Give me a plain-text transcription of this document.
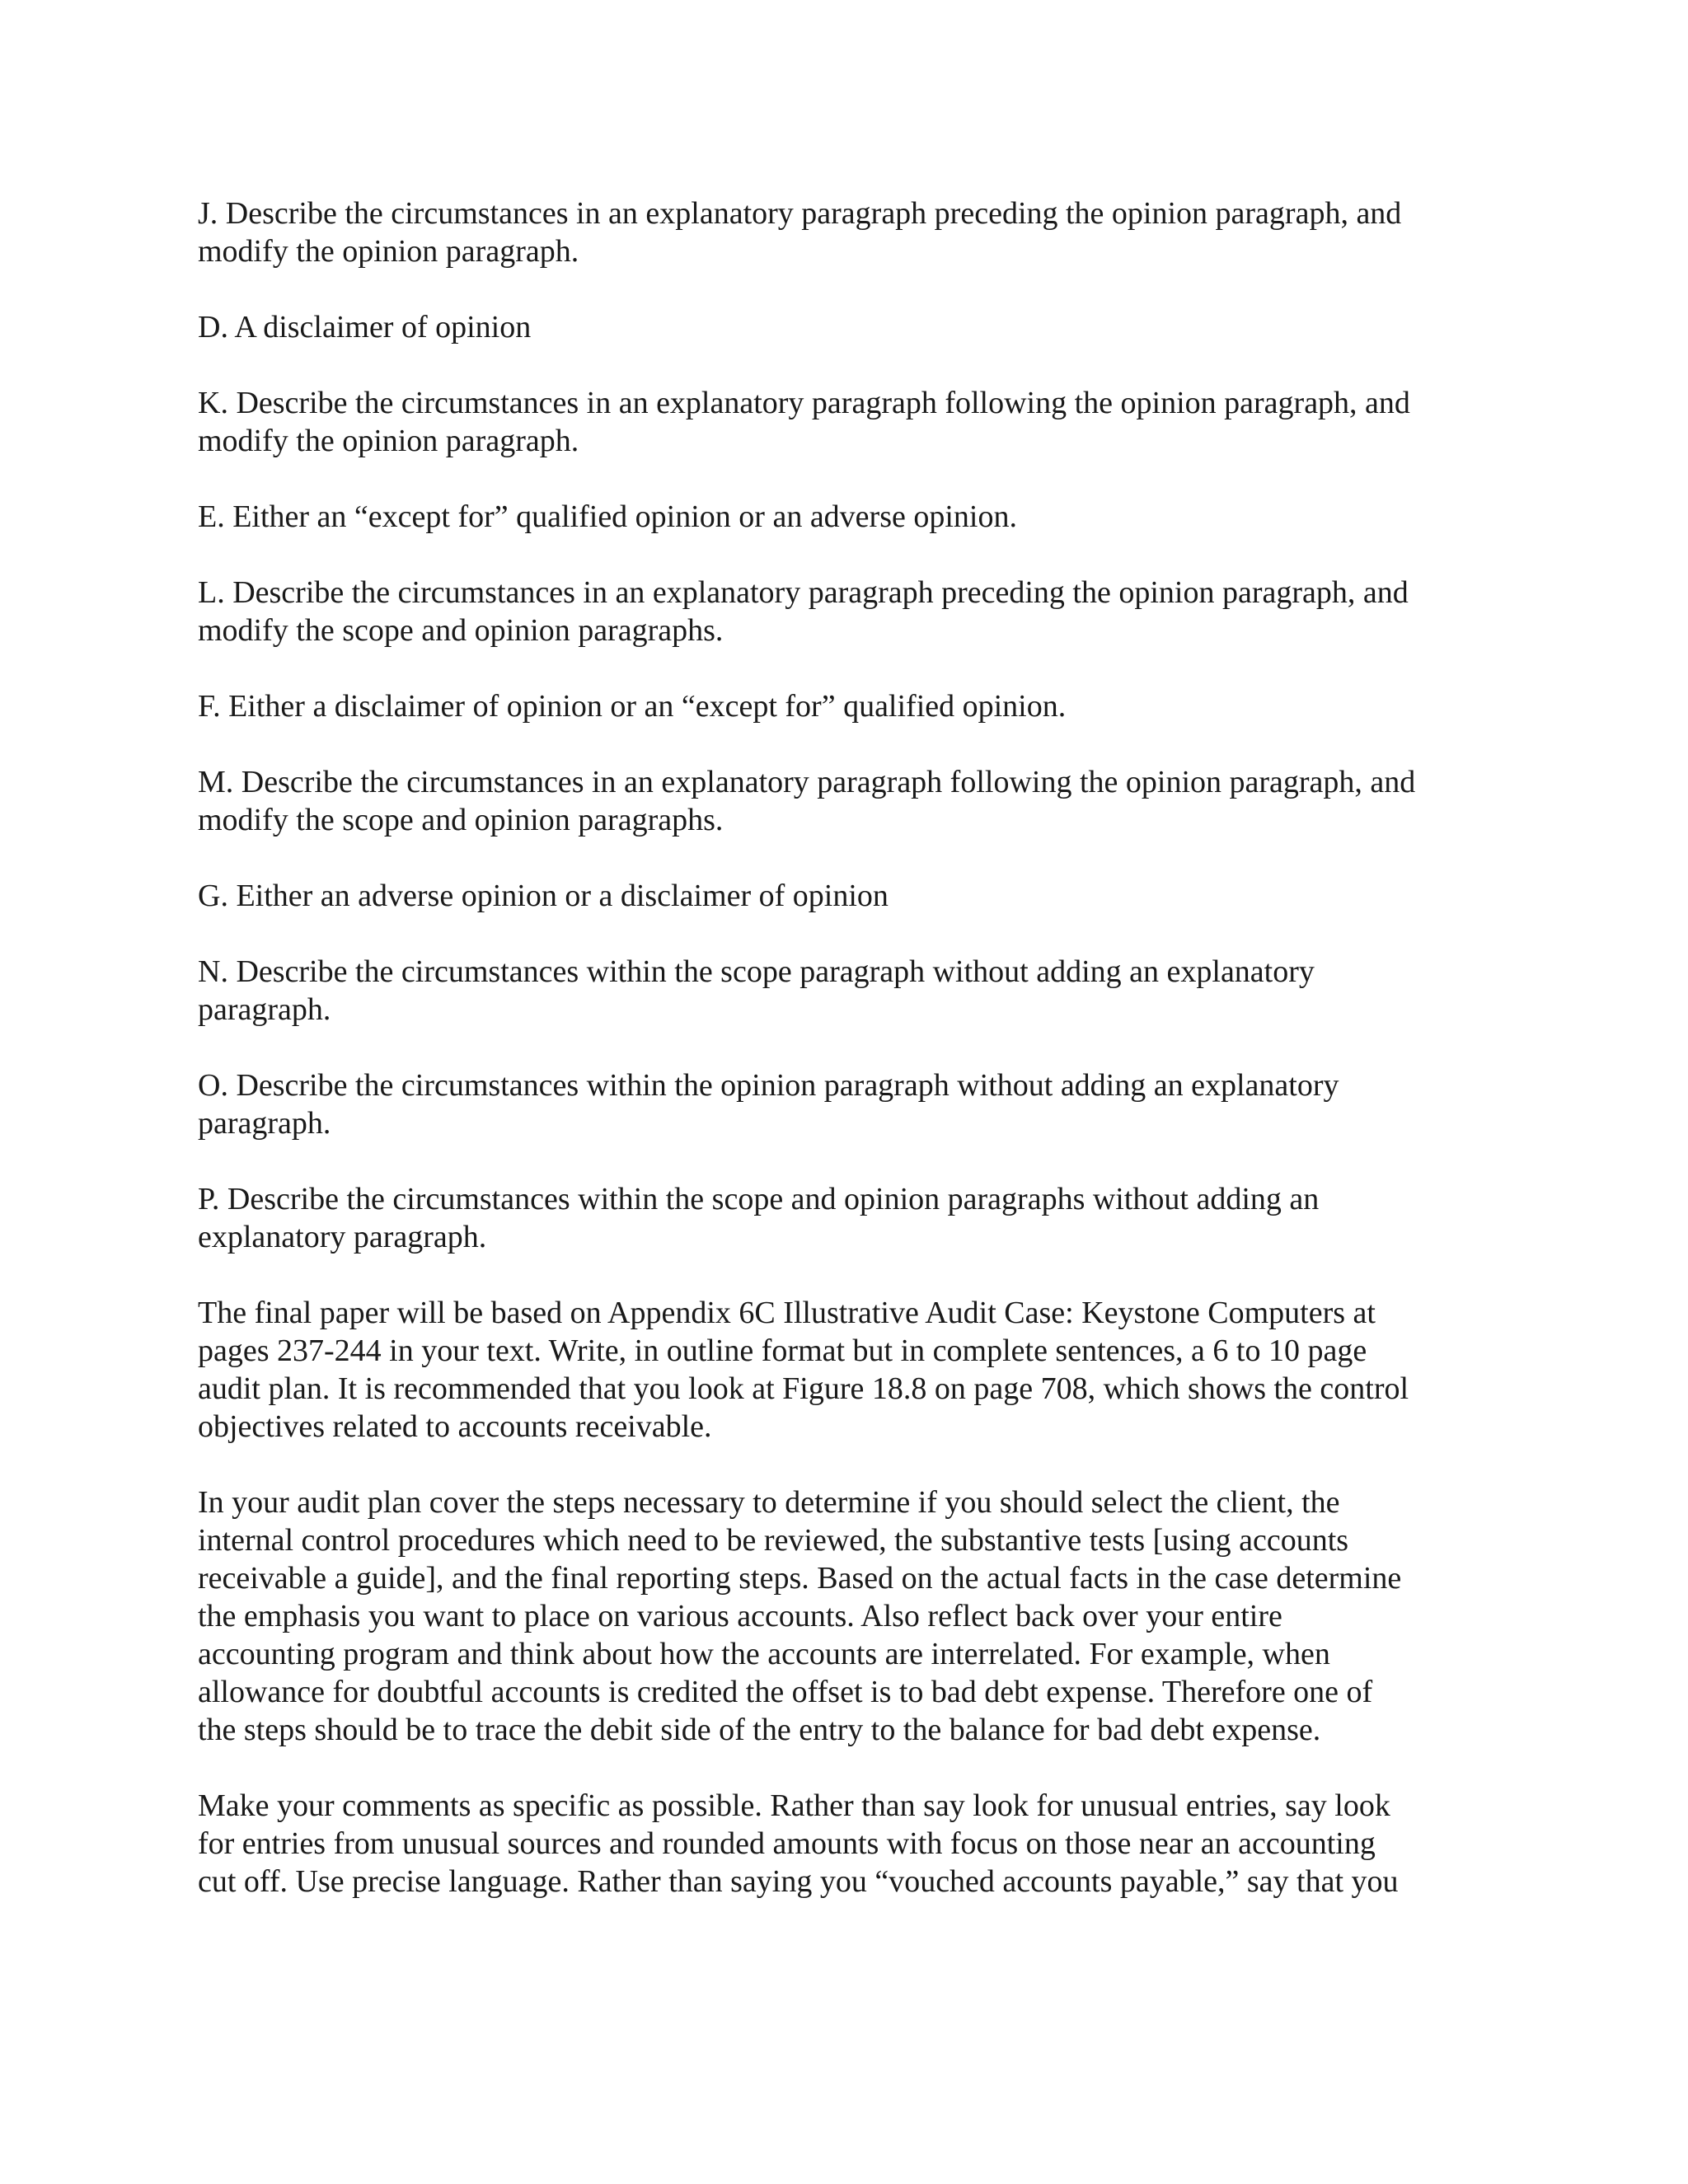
J. Describe the circumstances in an explanatory paragraph preceding the opinion paragraph, and
modify the opinion paragraph.

D. A disclaimer of opinion

K. Describe the circumstances in an explanatory paragraph following the opinion paragraph, and
modify the opinion paragraph.

E. Either an “except for” qualified opinion or an adverse opinion.

L. Describe the circumstances in an explanatory paragraph preceding the opinion paragraph, and
modify the scope and opinion paragraphs.

F. Either a disclaimer of opinion or an “except for” qualified opinion.

M. Describe the circumstances in an explanatory paragraph following the opinion paragraph, and
modify the scope and opinion paragraphs.

G. Either an adverse opinion or a disclaimer of opinion

N. Describe the circumstances within the scope paragraph without adding an explanatory
paragraph.

O. Describe the circumstances within the opinion paragraph without adding an explanatory
paragraph.

P. Describe the circumstances within the scope and opinion paragraphs without adding an
explanatory paragraph.

The final paper will be based on Appendix 6C Illustrative Audit Case: Keystone Computers at
pages 237-244 in your text. Write, in outline format but in complete sentences, a 6 to 10 page
audit plan. It is recommended that you look at Figure 18.8 on page 708, which shows the control
objectives related to accounts receivable.

In your audit plan cover the steps necessary to determine if you should select the client, the
internal control procedures which need to be reviewed, the substantive tests [using accounts
receivable a guide], and the final reporting steps. Based on the actual facts in the case determine
the emphasis you want to place on various accounts. Also reflect back over your entire
accounting program and think about how the accounts are interrelated. For example, when
allowance for doubtful accounts is credited the offset is to bad debt expense. Therefore one of
the steps should be to trace the debit side of the entry to the balance for bad debt expense.

Make your comments as specific as possible. Rather than say look for unusual entries, say look
for entries from unusual sources and rounded amounts with focus on those near an accounting
cut off. Use precise language. Rather than saying you “vouched accounts payable,” say that you
